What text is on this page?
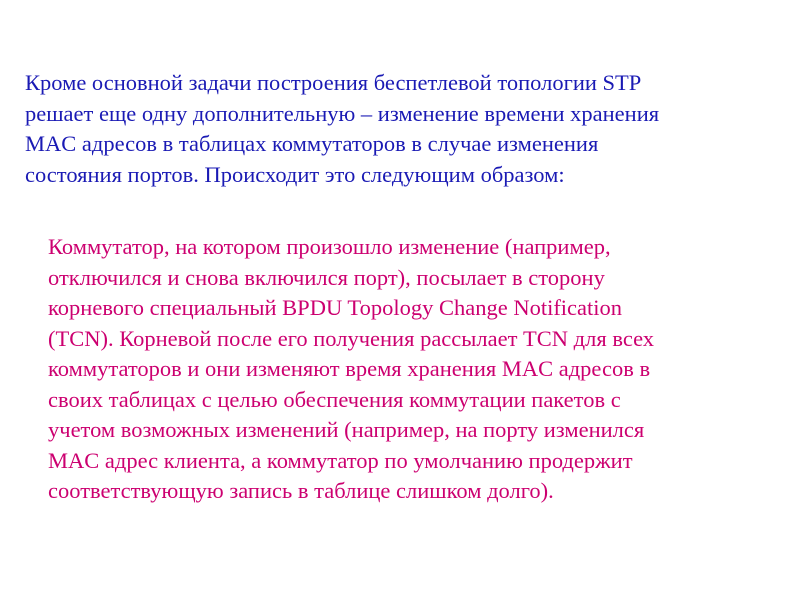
Кроме основной задачи построения беспетлевой топологии STP
решает еще одну дополнительную – изменение времени хранения
MAC адресов в таблицах коммутаторов в случае изменения
состояния портов. Происходит это следующим образом:

Коммутатор, на котором произошло изменение (например,
отключился и снова включился порт), посылает в сторону
корневого специальный BPDU Topology Change Notification
(TCN). Корневой после его получения рассылает TCN для всех
коммутаторов и они изменяют время хранения MAC адресов в
своих таблицах с целью обеспечения коммутации пакетов с
учетом возможных изменений (например, на порту изменился
MAC адрес клиента, а коммутатор по умолчанию продержит
соответствующую запись в таблице слишком долго).
